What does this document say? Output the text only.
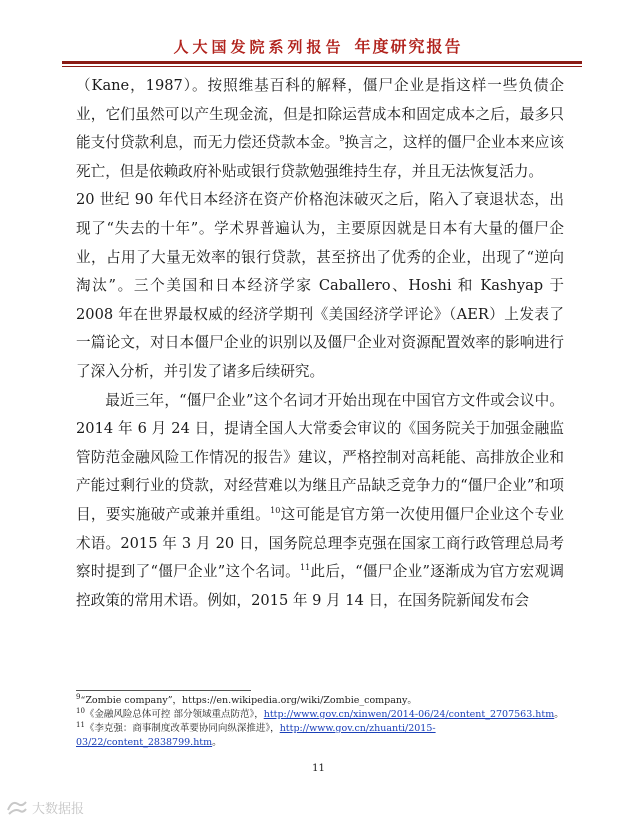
人大国发院系列报告 年度研究报告

（Kane，1987）。按照维基百科的解释，僵尸企业是指这样一些负债企业，它们虽然可以产生现金流，但是扣除运营成本和固定成本之后，最多只能支付贷款利息，而无力偿还贷款本金。$^9$换言之，这样的僵尸企业本来应该死亡，但是依赖政府补贴或银行贷款勉强维持生存，并且无法恢复活力。

20 世纪 90 年代日本经济在资产价格泡沫破灭之后，陷入了衰退状态，出现了“失去的十年”。学术界普遍认为，主要原因就是日本有大量的僵尸企业，占用了大量无效率的银行贷款，甚至挤出了优秀的企业，出现了“逆向淘汰”。三个美国和日本经济学家 Caballero、Hoshi 和 Kashyap 于 2008 年在世界最权威的经济学期刊《美国经济学评论》（AER）上发表了一篇论文，对日本僵尸企业的识别以及僵尸企业对资源配置效率的影响进行了深入分析，并引发了诸多后续研究。

最近三年，“僵尸企业”这个名词才开始出现在中国官方文件或会议中。2014 年 6 月 24 日，提请全国人大常委会审议的《国务院关于加强金融监管防范金融风险工作情况的报告》建议，严格控制对高耗能、高排放企业和产能过剩行业的贷款，对经营难以为继且产品缺乏竞争力的“僵尸企业”和项目，要实施破产或兼并重组。$^{10}$这可能是官方第一次使用僵尸企业这个专业术语。2015 年 3 月 20 日，国务院总理李克强在国家工商行政管理总局考察时提到了“僵尸企业”这个名词。$^{11}$此后，“僵尸企业”逐渐成为官方宏观调控政策的常用术语。例如，2015 年 9 月 14 日，在国务院新闻发布会

$^9$“Zombie company”，https://en.wikipedia.org/wiki/Zombie_company。

$^{10}$《金融风险总体可控 部分领域重点防范》，http://www.gov.cn/xinwen/2014-06/24/content_2707563.htm。

$^{11}$《李克强：商事制度改革要协同向纵深推进》，http://www.gov.cn/zhuanti/2015-03/22/content_2838799.htm。

11
大数据报
